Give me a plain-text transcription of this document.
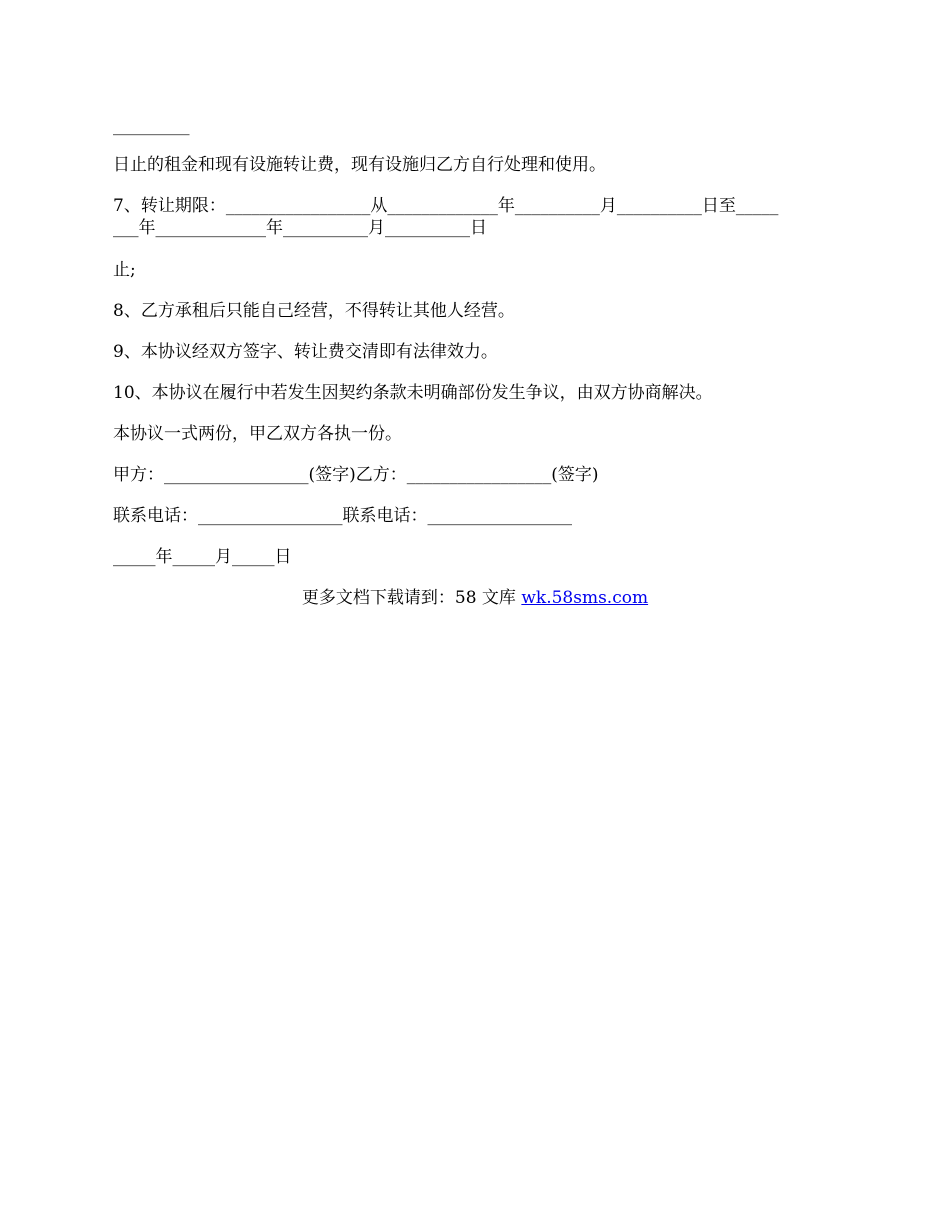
_________
日止的租金和现有设施转让费，现有设施归乙方自行处理和使用。
7、转让期限：_________________从_____________年__________月__________日至_____
___年_____________年__________月__________日
止;
8、乙方承租后只能自己经营，不得转让其他人经营。
9、本协议经双方签字、转让费交清即有法律效力。
10、本协议在履行中若发生因契约条款未明确部份发生争议，由双方协商解决。
本协议一式两份，甲乙双方各执一份。
甲方：_________________(签字)乙方：_________________(签字)
联系电话：_________________联系电话：_________________
_____年_____月_____日
更多文档下载请到：58 文库 wk.58sms.com
